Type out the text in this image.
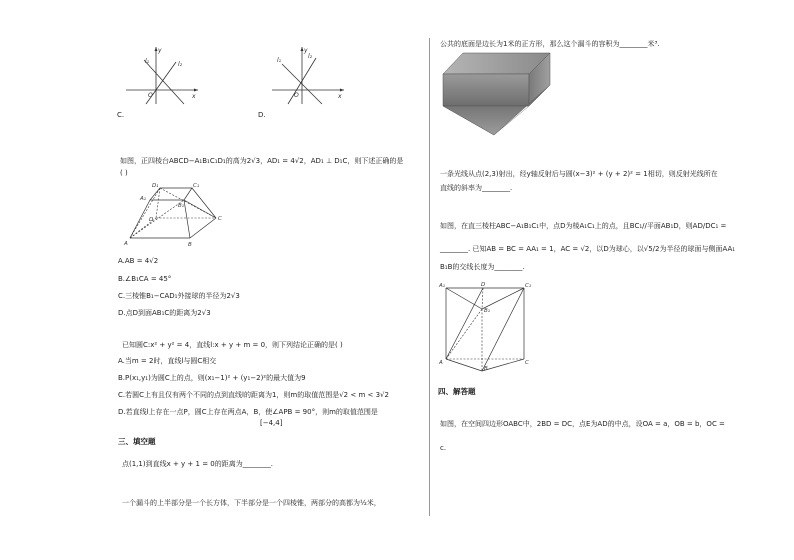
y
l₁	l₂
O	x
C.
y
l₁
l₂
O	x
D.
如图，正四棱台ABCD−A₁B₁C₁D₁的高为2√3，AD₁ = 4√2，AD₁ ⊥ D₁C，则下述正确的是
( )
D₁	C₁
A₁
B₁
D	C
A	B
A.AB = 4√2
B.∠B₁CA = 45°
C.三棱锥B₁−CAD₁外接球的半径为2√3
D.点D到面AB₁C的距离为2√3
已知圆C:x² + y² = 4，直线l:x + y + m = 0，则下列结论正确的是( )
A.当m = 2时，直线l与圆C相交
B.P(x₁,y₁)为圆C上的点，则(x₁−1)² + (y₁−2)²的最大值为9
C.若圆C上有且仅有两个不同的点到直线l的距离为1，则m的取值范围是√2 < m < 3√2
D.若直线l上存在一点P，圆C上存在两点A，B，使∠APB = 90°，则m的取值范围是
[−4,4]
三、填空题
点(1,1)到直线x + y + 1 = 0的距离为________.
一个漏斗的上半部分是一个长方体，下半部分是一个四棱锥，两部分的高都为½米，
公共的底面是边长为1米的正方形，那么这个漏斗的容积为________米³.
一条光线从点(2,3)射出，经y轴反射后与圆(x−3)² + (y + 2)² = 1相切，则反射光线所在
直线的斜率为________.
如图，在直三棱柱ABC−A₁B₁C₁中，点D为棱A₁C₁上的点，且BC₁//平面AB₁D，则AD/DC₁ =
________. 已知AB = BC = AA₁ = 1，AC = √2，以D为球心，以√5/2为半径的球面与侧面AA₁
B₁B的交线长度为________.
A₁	D	C₁
B₁
A	C
B
四、解答题
如图，在空间四边形OABC中，2BD = DC，点E为AD的中点，设OA = a，OB = b，OC =
c.
